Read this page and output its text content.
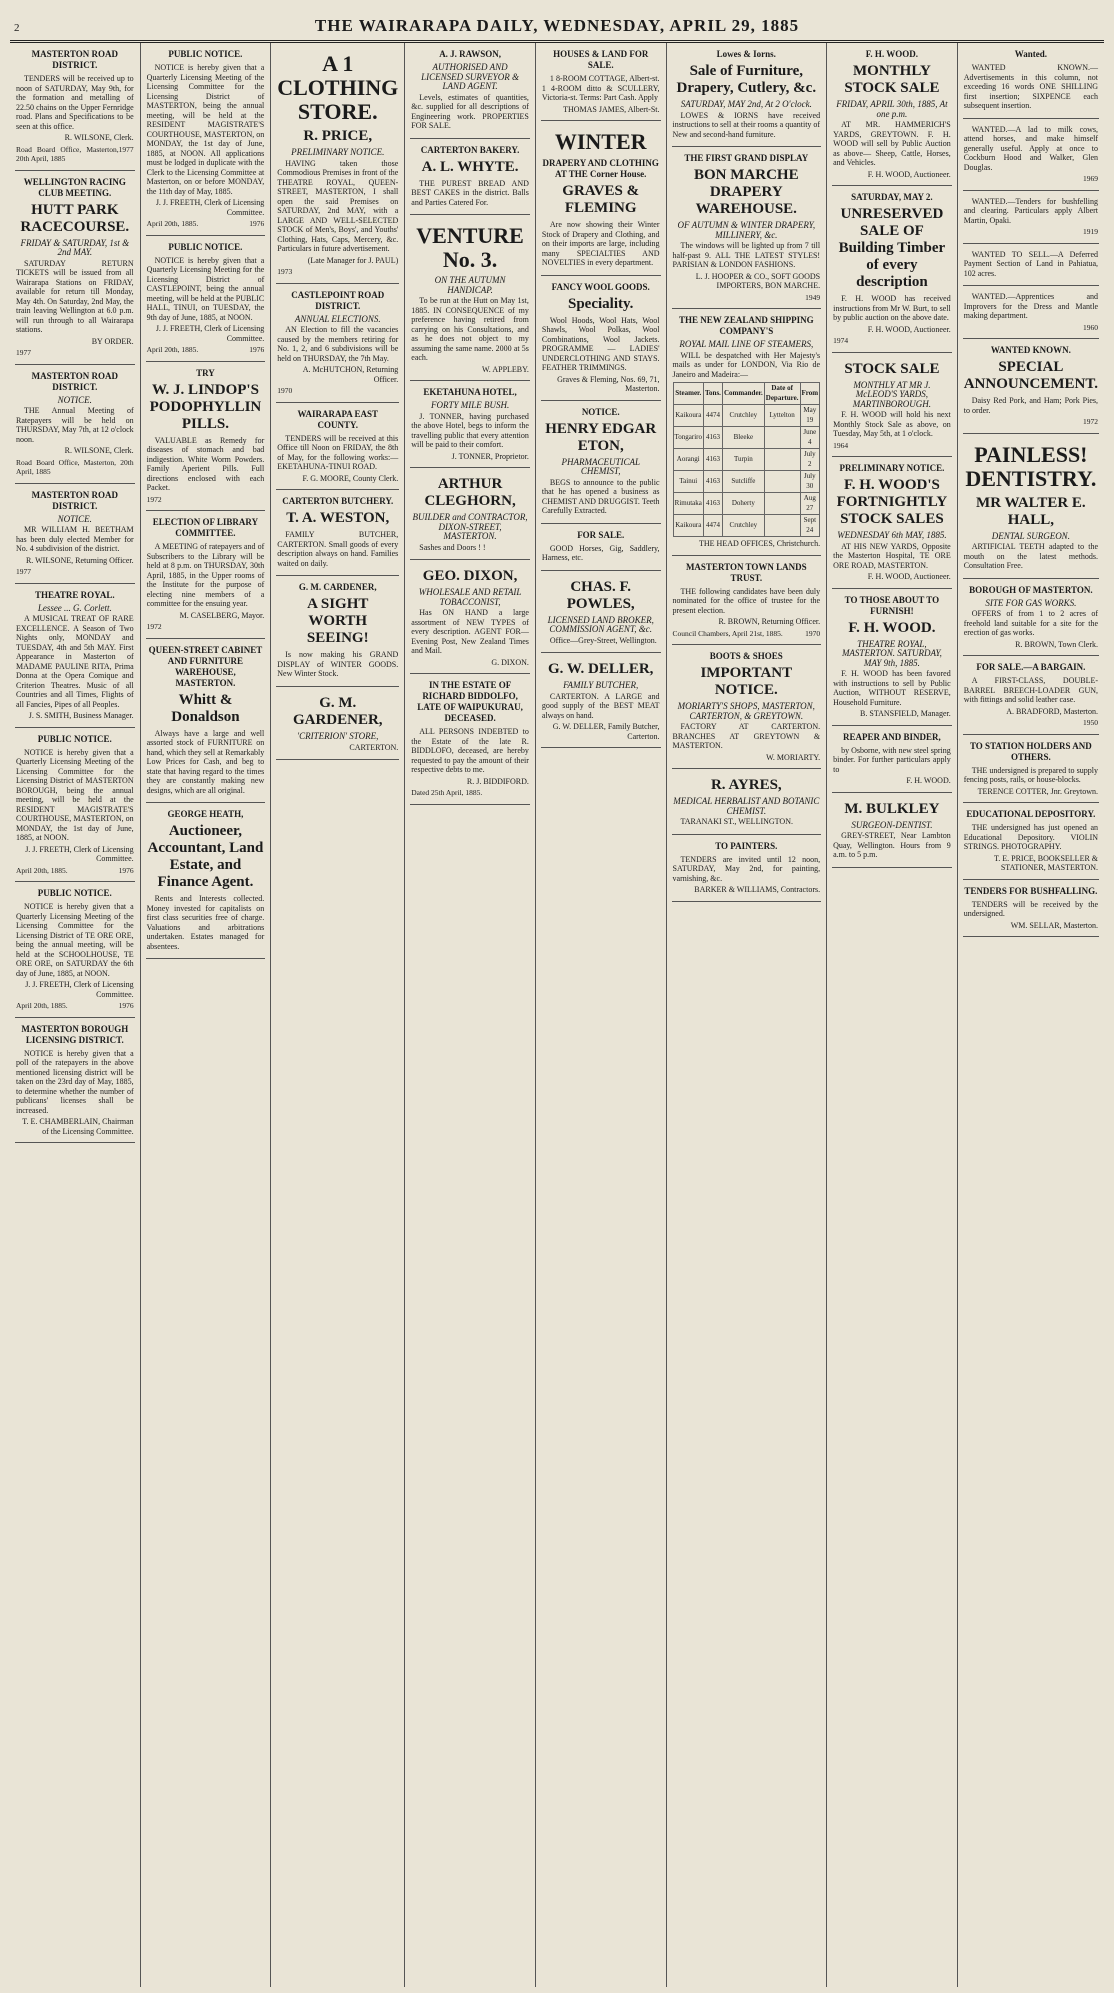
2	THE WAIRARAPA DAILY, WEDNESDAY, APRIL 29, 1885
MASTERTON ROAD DISTRICT.

TENDERS will be received up to noon of SATURDAY, May 9th, for the formation and metalling of 22.50 chains on the Upper Fernridge road. Plans and Specifications to be seen at this office.

R. WILSONE, Clerk.
Road Board Office, Masterton, 20th April, 1885
1977
WELLINGTON RACING CLUB MEETING.
HUTT PARK RACECOURSE.
FRIDAY & SATURDAY, 1st & 2nd MAY.

SATURDAY RETURN TICKETS will be issued from all Wairarapa Stations on FRIDAY, available for return till Monday, May 4th. On Saturday, 2nd May, the train leaving Wellington at 6.0 p.m. will run through to all Wairarapa stations.

BY ORDER.
1977
MASTERTON ROAD DISTRICT.
NOTICE.

THE Annual Meeting of Ratepayers will be held on THURSDAY, May 7th, at 12 o'clock noon.

R. WILSONE, Clerk.
Road Board Office, Masterton, 20th April, 1885
MASTERTON ROAD DISTRICT.
NOTICE.

MR WILLIAM H. BEETHAM has been duly elected Member for No. 4 subdivision of the district.

R. WILSONE, Returning Officer.
1977
THEATRE ROYAL.
Lessee ... G. Corlett.

A MUSICAL TREAT OF RARE EXCELLENCE. A Season of Two Nights only, MONDAY and TUESDAY, 4th and 5th MAY. First Appearance in Masterton of MADAME PAULINE RITA, Prima Donna at the Opera Comique and Criterion Theatres. Music of all Countries and all Times, Flights of all Fancies, Pipes of all Peoples.

J. S. SMITH, Business Manager.
PUBLIC NOTICE.

NOTICE is hereby given that a Quarterly Licensing Meeting of the Licensing Committee for the Licensing District of MASTERTON BOROUGH, being the annual meeting, will be held at the RESIDENT MAGISTRATE'S COURTHOUSE, MASTERTON, on MONDAY, the 1st day of June, 1885, at NOON.

J. J. FREETH, Clerk of Licensing Committee.
April 20th, 1885.	1976
PUBLIC NOTICE.

NOTICE is hereby given that a Quarterly Licensing Meeting of the Licensing Committee for the Licensing District of TE ORE ORE, being the annual meeting, will be held at the SCHOOLHOUSE, TE ORE ORE, on SATURDAY the 6th day of June, 1885, at NOON.

J. J. FREETH, Clerk of Licensing Committee.
April 20th, 1885.	1976
MASTERTON BOROUGH LICENSING DISTRICT.

NOTICE is hereby given that a poll of the ratepayers in the above mentioned licensing district will be taken on the 23rd day of May, 1885, to determine whether the number of publicans' licenses shall be increased.

T. E. CHAMBERLAIN, Chairman of the Licensing Committee.
PUBLIC NOTICE.

NOTICE is hereby given that a Quarterly Licensing Meeting of the Licensing Committee for the Licensing District of MASTERTON, being the annual meeting, will be held at the RESIDENT MAGISTRATE'S COURTHOUSE, MASTERTON, on MONDAY, the 1st day of June, 1885, at NOON. All applications must be lodged in duplicate with the Clerk to the Licensing Committee at Masterton, on or before MONDAY, the 11th day of May, 1885.

J. J. FREETH, Clerk of Licensing Committee.
April 20th, 1885.	1976
PUBLIC NOTICE.

NOTICE is hereby given that a Quarterly Licensing Meeting for the Licensing District of CASTLEPOINT, being the annual meeting, will be held at the PUBLIC HALL, TINUI, on TUESDAY, the 9th day of June, 1885, at NOON.

J. J. FREETH, Clerk of Licensing Committee.
April 20th, 1885.	1976
TRY
W. J. LINDOP'S PODOPHYLLIN PILLS.

VALUABLE as Remedy for diseases of stomach and bad indigestion. White Worm Powders. Family Aperient Pills. Full directions enclosed with each Packet.

1972
ELECTION OF LIBRARY COMMITTEE.

A MEETING of ratepayers and of Subscribers to the Library will be held at 8 p.m. on THURSDAY, 30th April, 1885, in the Upper rooms of the Institute for the purpose of electing nine members of a committee for the ensuing year.

M. CASELBERG, Mayor.
1972
QUEEN-STREET CABINET AND FURNITURE WAREHOUSE, MASTERTON.
Whitt & Donaldson

Always have a large and well assorted stock of FURNITURE on hand, which they sell at Remarkably Low Prices for Cash, and beg to state that having regard to the times they are constantly making new designs, which are all original.

GEORGE HEATH,
Auctioneer, Accountant, Land Estate, and Finance Agent.

Rents and Interests collected. Money invested for capitalists on first class securities free of charge. Valuations and arbitrations undertaken. Estates managed for absentees.

A 1 CLOTHING STORE.
R. PRICE,
PRELIMINARY NOTICE.

HAVING taken those Commodious Premises in front of the THEATRE ROYAL, QUEEN-STREET, MASTERTON, I shall open the said Premises on SATURDAY, 2nd MAY, with a LARGE AND WELL-SELECTED STOCK of Men's, Boys', and Youths' Clothing, Hats, Caps, Mercery, &c. Particulars in future advertisement.

(Late Manager for J. PAUL)
1973
CASTLEPOINT ROAD DISTRICT.
ANNUAL ELECTIONS.

AN Election to fill the vacancies caused by the members retiring for No. 1, 2, and 6 subdivisions will be held on THURSDAY, the 7th May.

A. McHUTCHON, Returning Officer.
1970
WAIRARAPA EAST COUNTY.

TENDERS will be received at this Office till Noon on FRIDAY, the 8th of May, for the following works:— EKETAHUNA-TINUI ROAD.

F. G. MOORE, County Clerk.
CARTERTON BUTCHERY.
T. A. WESTON,

FAMILY BUTCHER, CARTERTON. Small goods of every description always on hand. Families waited on daily.

G. M. CARDENER,
A SIGHT WORTH SEEING!

Is now making his GRAND DISPLAY of WINTER GOODS. New Winter Stock.

G. M. GARDENER,
'CRITERION' STORE,
CARTERTON.
A. J. RAWSON,
AUTHORISED AND LICENSED SURVEYOR & LAND AGENT.

Levels, estimates of quantities, &c. supplied for all descriptions of Engineering work. PROPERTIES FOR SALE.

CARTERTON BAKERY.
A. L. WHYTE.

THE PUREST BREAD AND BEST CAKES in the district. Balls and Parties Catered For.

VENTURE No. 3.
ON THE AUTUMN HANDICAP.

To be run at the Hutt on May 1st, 1885. IN CONSEQUENCE of my preference having retired from carrying on his Consultations, and as he does not object to my assuming the same name. 2000 at 5s each.

W. APPLEBY.
EKETAHUNA HOTEL,
FORTY MILE BUSH.

J. TONNER, having purchased the above Hotel, begs to inform the travelling public that every attention will be paid to their comfort.

J. TONNER, Proprietor.
ARTHUR CLEGHORN,
BUILDER and CONTRACTOR, DIXON-STREET, MASTERTON.

Sashes and Doors ! !

GEO. DIXON,
WHOLESALE AND RETAIL TOBACCONIST,

Has ON HAND a large assortment of NEW TYPES of every description. AGENT FOR— Evening Post, New Zealand Times and Mail.

G. DIXON.
IN THE ESTATE OF RICHARD BIDDOLFO, LATE OF WAIPUKURAU, DECEASED.

ALL PERSONS INDEBTED to the Estate of the late R. BIDDLOFO, deceased, are hereby requested to pay the amount of their respective debts to me.

R. J. BIDDIFORD.
Dated 25th April, 1885.
HOUSES & LAND FOR SALE.

1 8-ROOM COTTAGE, Albert-st. 1 4-ROOM ditto & SCULLERY, Victoria-st. Terms: Part Cash. Apply

THOMAS JAMES, Albert-St.
WINTER
DRAPERY AND CLOTHING AT THE Corner House.
GRAVES & FLEMING

Are now showing their Winter Stock of Drapery and Clothing, and on their imports are large, including many SPECIALTIES AND NOVELTIES in every department.

FANCY WOOL GOODS.
Speciality.

Wool Hoods, Wool Hats, Wool Shawls, Wool Polkas, Wool Combinations, Wool Jackets. PROGRAMME — LADIES' UNDERCLOTHING AND STAYS. FEATHER TRIMMINGS.

Graves & Fleming, Nos. 69, 71, Masterton.
NOTICE.
HENRY EDGAR ETON,
PHARMACEUTICAL CHEMIST,

BEGS to announce to the public that he has opened a business as CHEMIST AND DRUGGIST. Teeth Carefully Extracted.

FOR SALE.

GOOD Horses, Gig, Saddlery, Harness, etc.

CHAS. F. POWLES,
LICENSED LAND BROKER, COMMISSION AGENT, &c.

Office—Grey-Street, Wellington.

G. W. DELLER,
FAMILY BUTCHER,

CARTERTON. A LARGE and good supply of the BEST MEAT always on hand.

G. W. DELLER, Family Butcher, Carterton.
Lowes & Iorns.
Sale of Furniture, Drapery, Cutlery, &c.
SATURDAY, MAY 2nd, At 2 O'clock.

LOWES & IORNS have received instructions to sell at their rooms a quantity of New and second-hand furniture.

THE FIRST GRAND DISPLAY
BON MARCHE DRAPERY WAREHOUSE.
OF AUTUMN & WINTER DRAPERY, MILLINERY, &c.

The windows will be lighted up from 7 till half-past 9. ALL THE LATEST STYLES! PARISIAN & LONDON FASHIONS.

L. J. HOOPER & CO., SOFT GOODS IMPORTERS, BON MARCHE.
1949
THE NEW ZEALAND SHIPPING COMPANY'S
ROYAL MAIL LINE OF STEAMERS,

WILL be despatched with Her Majesty's mails as under for LONDON, Via Rio de Janeiro and Madeira:—

Steamer.	Tons.	Commander.	Date of Departure.	From
Kaikoura	4474	Crutchley	Lyttelton	May 19
Tongariro	4163	Bleeke		June 4
Aorangi	4163	Turpin		July 2
Tainui	4163	Sutcliffe		July 30
Rimutaka	4163	Doherty		Aug 27
Kaikoura	4474	Crutchley		Sept 24
THE HEAD OFFICES, Christchurch.
MASTERTON TOWN LANDS TRUST.

THE following candidates have been duly nominated for the office of trustee for the present election.

R. BROWN, Returning Officer.
Council Chambers, April 21st, 1885.	1970
BOOTS & SHOES
IMPORTANT NOTICE.
MORIARTY'S SHOPS, MASTERTON, CARTERTON, & GREYTOWN.

FACTORY AT CARTERTON. BRANCHES AT GREYTOWN & MASTERTON.

W. MORIARTY.
R. AYRES,
MEDICAL HERBALIST AND BOTANIC CHEMIST.

TARANAKI ST., WELLINGTON.

TO PAINTERS.

TENDERS are invited until 12 noon, SATURDAY, May 2nd, for painting, varnishing, &c.

BARKER & WILLIAMS, Contractors.
F. H. WOOD.
MONTHLY STOCK SALE
FRIDAY, APRIL 30th, 1885, At one p.m.

AT MR. HAMMERICH'S YARDS, GREYTOWN. F. H. WOOD will sell by Public Auction as above— Sheep, Cattle, Horses, and Vehicles.

F. H. WOOD, Auctioneer.
SATURDAY, MAY 2.
UNRESERVED SALE OF Building Timber of every description

F. H. WOOD has received instructions from Mr W. Burt, to sell by public auction on the above date.

F. H. WOOD, Auctioneer.
1974
STOCK SALE
MONTHLY AT MR J. McLEOD'S YARDS, MARTINBOROUGH.

F. H. WOOD will hold his next Monthly Stock Sale as above, on Tuesday, May 5th, at 1 o'clock.

1964
PRELIMINARY NOTICE.
F. H. WOOD'S FORTNIGHTLY STOCK SALES
WEDNESDAY 6th MAY, 1885.

AT HIS NEW YARDS, Opposite the Masterton Hospital, TE ORE ORE ROAD, MASTERTON.

F. H. WOOD, Auctioneer.
TO THOSE ABOUT TO FURNISH!
F. H. WOOD.
THEATRE ROYAL, MASTERTON. SATURDAY, MAY 9th, 1885.

F. H. WOOD has been favored with instructions to sell by Public Auction, WITHOUT RESERVE, Household Furniture.

B. STANSFIELD, Manager.
REAPER AND BINDER,

by Osborne, with new steel spring binder. For further particulars apply to

F. H. WOOD.
M. BULKLEY
SURGEON-DENTIST.

GREY-STREET, Near Lambton Quay, Wellington. Hours from 9 a.m. to 5 p.m.

Wanted.

WANTED KNOWN.—Advertisements in this column, not exceeding 16 words ONE SHILLING first insertion; SIXPENCE each subsequent insertion.

WANTED.—A lad to milk cows, attend horses, and make himself generally useful. Apply at once to Cockburn Hood and Walker, Glen Douglas.

1969

WANTED.—Tenders for bushfelling and clearing. Particulars apply Albert Martin, Opaki.

1919

WANTED TO SELL.—A Deferred Payment Section of Land in Pahiatua, 102 acres.

WANTED.—Apprentices and Improvers for the Dress and Mantle making department.

1960
WANTED KNOWN.
SPECIAL ANNOUNCEMENT.

Daisy Red Pork, and Ham; Pork Pies, to order.

1972
PAINLESS! DENTISTRY.
MR WALTER E. HALL,
DENTAL SURGEON.

ARTIFICIAL TEETH adapted to the mouth on the latest methods. Consultation Free.

BOROUGH OF MASTERTON.
SITE FOR GAS WORKS.

OFFERS of from 1 to 2 acres of freehold land suitable for a site for the erection of gas works.

R. BROWN, Town Clerk.
FOR SALE.—A BARGAIN.

A FIRST-CLASS, DOUBLE-BARREL BREECH-LOADER GUN, with fittings and solid leather case.

A. BRADFORD, Masterton.
1950
TO STATION HOLDERS AND OTHERS.

THE undersigned is prepared to supply fencing posts, rails, or house-blocks.

TERENCE COTTER, Jnr. Greytown.
EDUCATIONAL DEPOSITORY.

THE undersigned has just opened an Educational Depository. VIOLIN STRINGS. PHOTOGRAPHY.

T. E. PRICE, BOOKSELLER & STATIONER, MASTERTON.
TENDERS FOR BUSHFALLING.

TENDERS will be received by the undersigned.

WM. SELLAR, Masterton.
